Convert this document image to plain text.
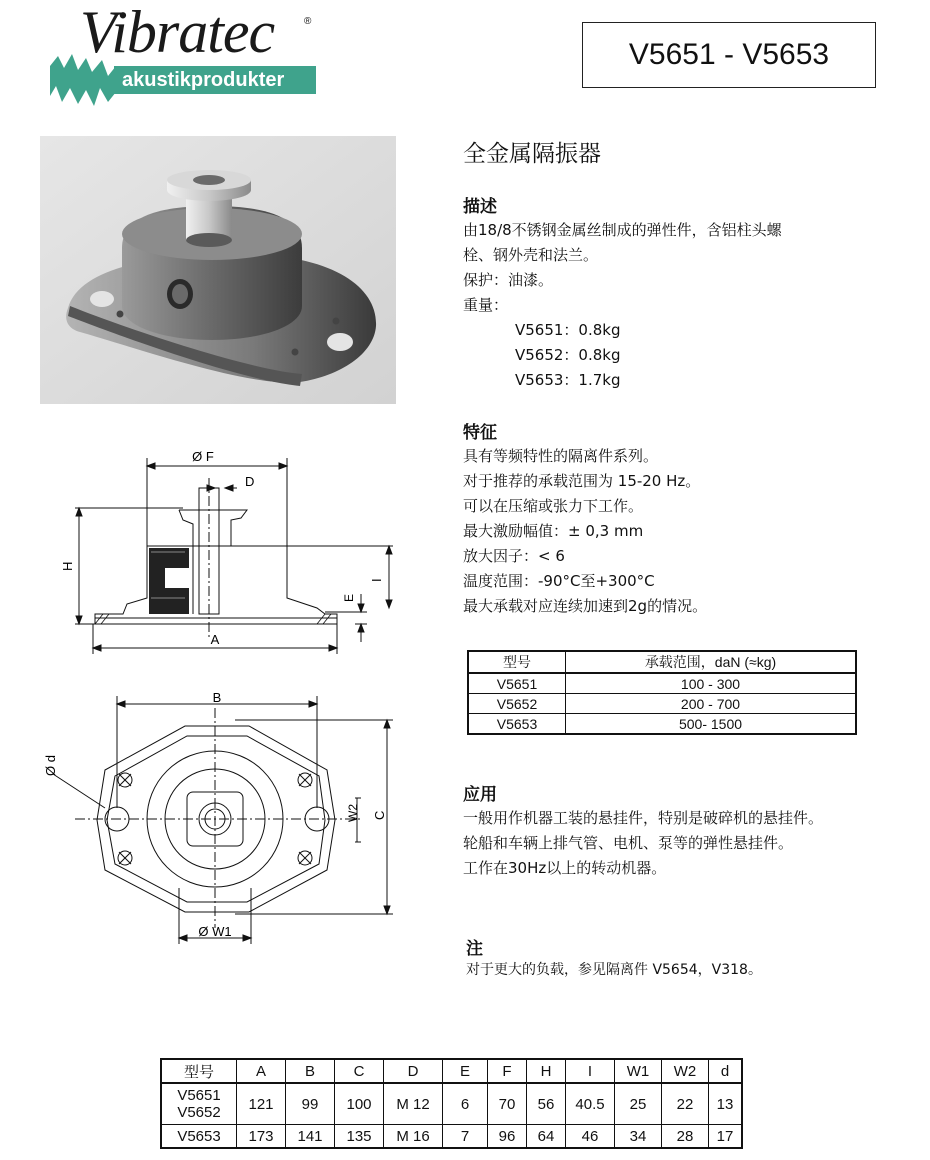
Vibratec	®
akustikprodukter
V5651 - V5653
Ø F
D
H
I
E
A
B
C
W2
Ø W1
Ø d
全金属隔振器
描述
由18/8不锈钢金属丝制成的弹性件，含铝柱头螺
栓、钢外壳和法兰。
保护：油漆。
重量：
V5651：0.8kg
V5652：0.8kg
V5653：1.7kg
特征
具有等频特性的隔离件系列。
对于推荐的承载范围为 15-20 Hz。
可以在压缩或张力下工作。
最大激励幅值：± 0,3 mm
放大因子：< 6
温度范围：-90°C至+300°C
最大承载对应连续加速到2g的情况。
型号	承载范围，daN (≈kg)
V5651	100 - 300
V5652	200 - 700
V5653	500- 1500
应用
一般用作机器工装的悬挂件，特别是破碎机的悬挂件。
轮船和车辆上排气管、电机、泵等的弹性悬挂件。
工作在30Hz以上的转动机器。
注
对于更大的负载，参见隔离件 V5654，V318。
型号	A	B	C	D	E	F	H	I	W1	W2	d

V5651
V5652	121	99	100	M 12	6	70	56	40.5	25	22	13
V5653	173	141	135	M 16	7	96	64	46	34	28	17
